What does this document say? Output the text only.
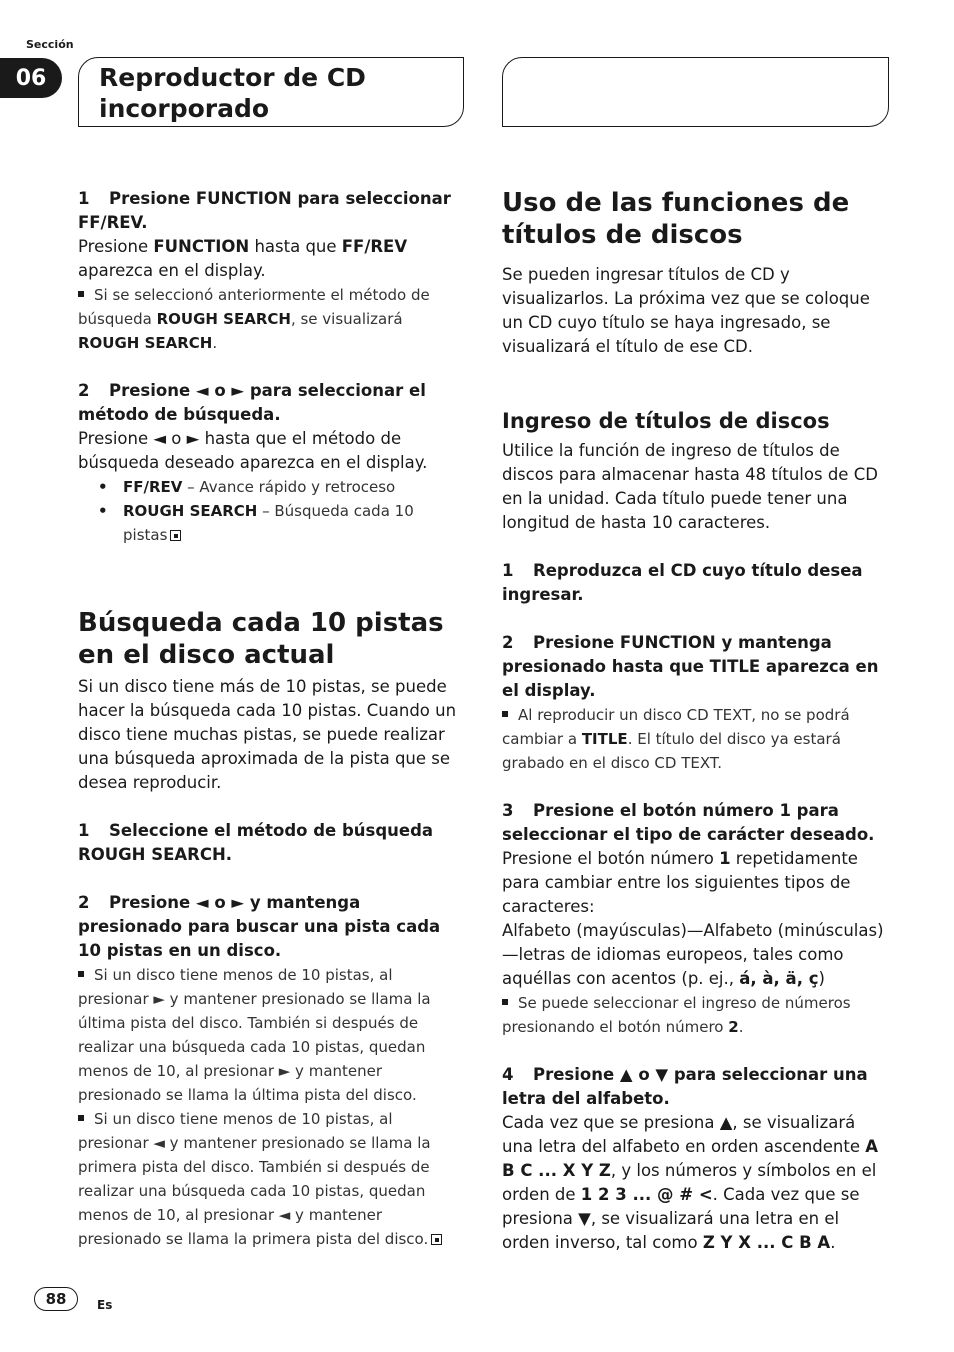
Sección
06	Reproductor de CD
incorporado

1 Presione FUNCTION para seleccionar FF/REV.

Presione FUNCTION hasta que FF/REV aparezca en el display.

Si se seleccionó anteriormente el método de búsqueda ROUGH SEARCH, se visualizará ROUGH SEARCH.

2 Presione ◄ o ► para seleccionar el método de búsqueda.

Presione ◄ o ► hasta que el método de búsqueda deseado aparezca en el display.

• FF/REV – Avance rápido y retroceso
• ROUGH SEARCH – Búsqueda cada 10 pistas
Búsqueda cada 10 pistas en el disco actual

Si un disco tiene más de 10 pistas, se puede hacer la búsqueda cada 10 pistas. Cuando un disco tiene muchas pistas, se puede realizar una búsqueda aproximada de la pista que se desea reproducir.

1 Seleccione el método de búsqueda ROUGH SEARCH.

2 Presione ◄ o ► y mantenga presionado para buscar una pista cada 10 pistas en un disco.

Si un disco tiene menos de 10 pistas, al presionar ► y mantener presionado se llama la última pista del disco. También si después de realizar una búsqueda cada 10 pistas, quedan menos de 10, al presionar ► y mantener presionado se llama la última pista del disco.

Si un disco tiene menos de 10 pistas, al presionar ◄ y mantener presionado se llama la primera pista del disco. También si después de realizar una búsqueda cada 10 pistas, quedan menos de 10, al presionar ◄ y mantener presionado se llama la primera pista del disco.

Uso de las funciones de títulos de discos

Se pueden ingresar títulos de CD y visualizarlos. La próxima vez que se coloque un CD cuyo título se haya ingresado, se visualizará el título de ese CD.

Ingreso de títulos de discos

Utilice la función de ingreso de títulos de discos para almacenar hasta 48 títulos de CD en la unidad. Cada título puede tener una longitud de hasta 10 caracteres.

1 Reproduzca el CD cuyo título desea ingresar.

2 Presione FUNCTION y mantenga presionado hasta que TITLE aparezca en el display.

Al reproducir un disco CD TEXT, no se podrá cambiar a TITLE. El título del disco ya estará grabado en el disco CD TEXT.

3 Presione el botón número 1 para seleccionar el tipo de carácter deseado.

Presione el botón número 1 repetidamente para cambiar entre los siguientes tipos de caracteres:

Alfabeto (mayúsculas)—Alfabeto (minúsculas)—letras de idiomas europeos, tales como aquéllas con acentos (p. ej., á, à, ä, ç)

Se puede seleccionar el ingreso de números presionando el botón número 2.

4 Presione ▲ o ▼ para seleccionar una letra del alfabeto.

Cada vez que se presiona ▲, se visualizará una letra del alfabeto en orden ascendente A B C ... X Y Z, y los números y símbolos en el orden de 1 2 3 ... @ # <. Cada vez que se presiona ▼, se visualizará una letra en el orden inverso, tal como Z Y X ... C B A.

88	Es
